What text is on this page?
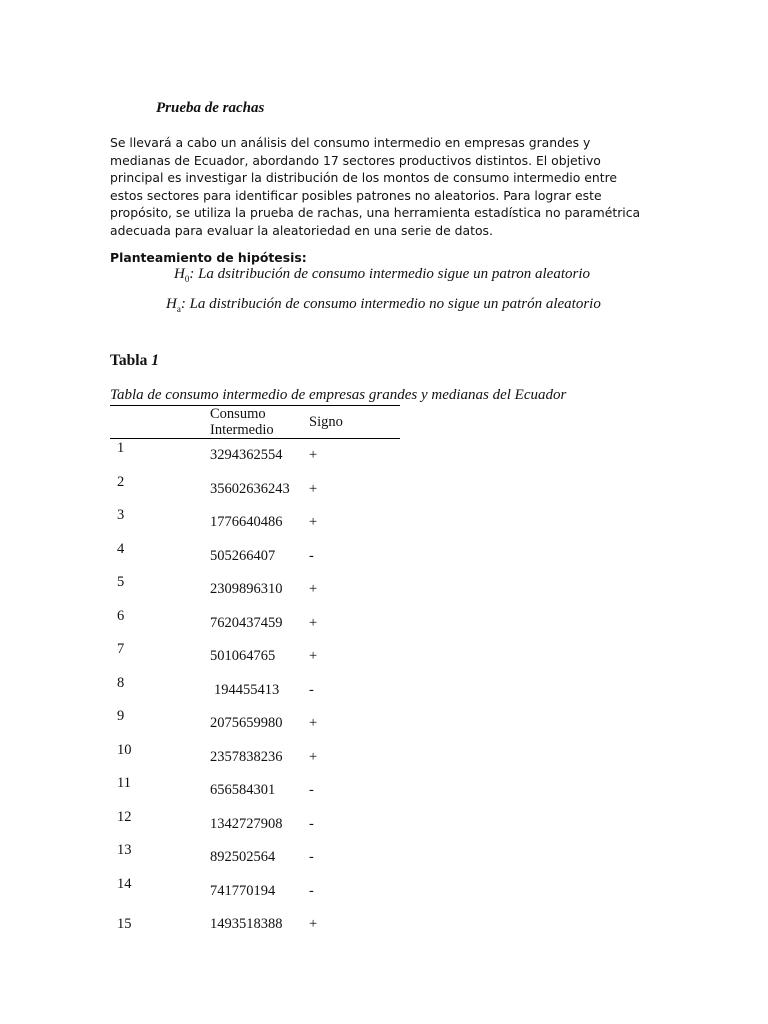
Prueba de rachas
Se llevará a cabo un análisis del consumo intermedio en empresas grandes y medianas de Ecuador, abordando 17 sectores productivos distintos. El objetivo principal es investigar la distribución de los montos de consumo intermedio entre estos sectores para identificar posibles patrones no aleatorios. Para lograr este propósito, se utiliza la prueba de rachas, una herramienta estadística no paramétrica adecuada para evaluar la aleatoriedad en una serie de datos.
Planteamiento de hipótesis:
$H_0$: La dsitribución de consumo intermedio sigue un patron aleatorio
$H_a$: La distribución de consumo intermedio no sigue un patrón aleatorio
Tabla 1
Tabla de consumo intermedio de empresas grandes y medianas del Ecuador
Consumo
Intermedio Signo
1	3294362554 +
2	35602636243 +
3	1776640486 +
4	505266407 -
5	2309896310 +
6	7620437459 +
7	501064765 +
8	194455413 -
9	2075659980 +
10	2357838236 +
11	656584301 -
12	1342727908 -
13	892502564 -
14	741770194 -
15	1493518388 +
